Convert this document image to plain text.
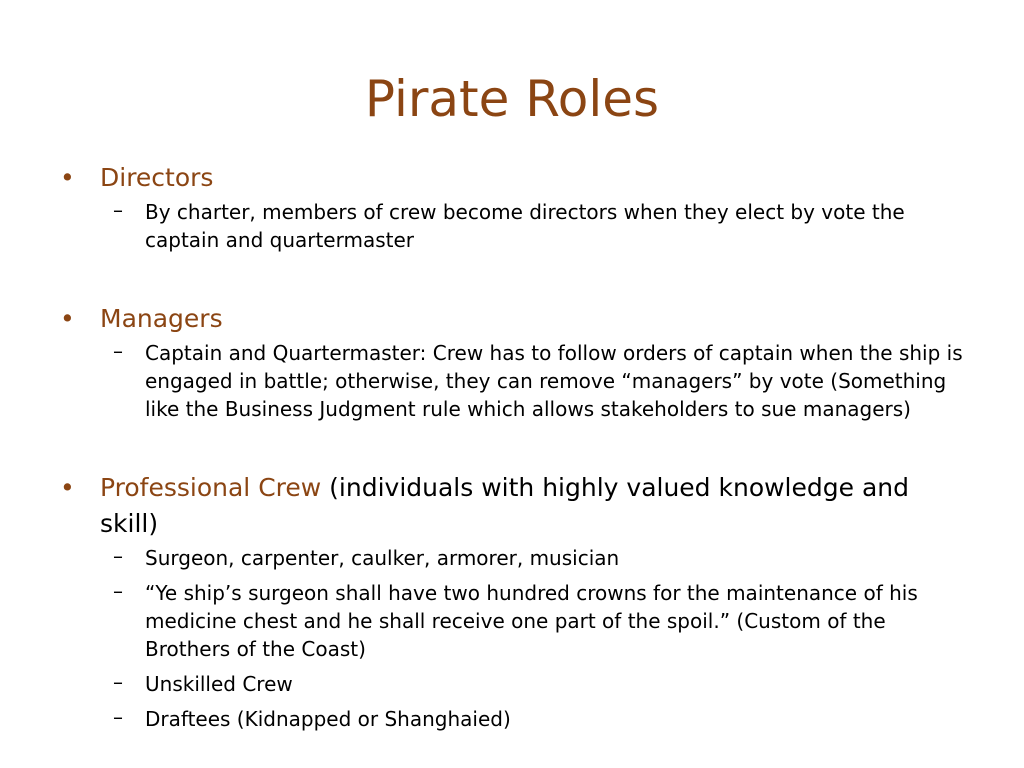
Pirate Roles
• Directors
– By charter, members of crew become directors when they elect by vote the captain and quartermaster
• Managers
– Captain and Quartermaster: Crew has to follow orders of captain when the ship is engaged in battle; otherwise, they can remove “managers” by vote (Something like the Business Judgment rule which allows stakeholders to sue managers)
• Professional Crew (individuals with highly valued knowledge and skill)
– Surgeon, carpenter, caulker, armorer, musician
– “Ye ship’s surgeon shall have two hundred crowns for the maintenance of his medicine chest and he shall receive one part of the spoil.” (Custom of the Brothers of the Coast)
– Unskilled Crew
– Draftees (Kidnapped or Shanghaied)
